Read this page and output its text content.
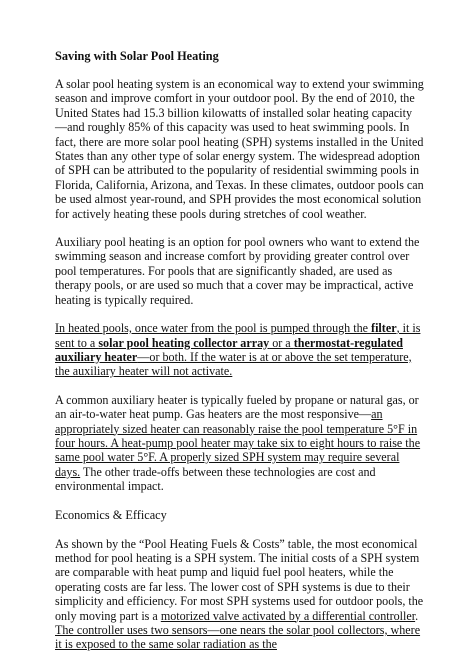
Saving with Solar Pool Heating

A solar pool heating system is an economical way to extend your swimming season and improve comfort in your outdoor pool. By the end of 2010, the United States had 15.3 billion kilowatts of installed solar heating capacity—and roughly 85% of this capacity was used to heat swimming pools. In fact, there are more solar pool heating (SPH) systems installed in the United States than any other type of solar energy system. The widespread adoption of SPH can be attributed to the popularity of residential swimming pools in Florida, California, Arizona, and Texas. In these climates, outdoor pools can be used almost year-round, and SPH provides the most economical solution for actively heating these pools during stretches of cool weather.

Auxiliary pool heating is an option for pool owners who want to extend the swimming season and increase comfort by providing greater control over pool temperatures. For pools that are significantly shaded, are used as therapy pools, or are used so much that a cover may be impractical, active heating is typically required.

In heated pools, once water from the pool is pumped through the filter, it is sent to a solar pool heating collector array or a thermostat-regulated auxiliary heater—or both. If the water is at or above the set temperature, the auxiliary heater will not activate.

A common auxiliary heater is typically fueled by propane or natural gas, or an air-to-water heat pump. Gas heaters are the most responsive—an appropriately sized heater can reasonably raise the pool temperature 5°F in four hours. A heat-pump pool heater may take six to eight hours to raise the same pool water 5°F. A properly sized SPH system may require several days. The other trade-offs between these technologies are cost and environmental impact.

Economics & Efficacy

As shown by the “Pool Heating Fuels & Costs” table, the most economical method for pool heating is a SPH system. The initial costs of a SPH system are comparable with heat pump and liquid fuel pool heaters, while the operating costs are far less. The lower cost of SPH systems is due to their simplicity and efficiency. For most SPH systems used for outdoor pools, the only moving part is a motorized valve activated by a differential controller. The controller uses two sensors—one nears the solar pool collectors, where it is exposed to the same solar radiation as the
